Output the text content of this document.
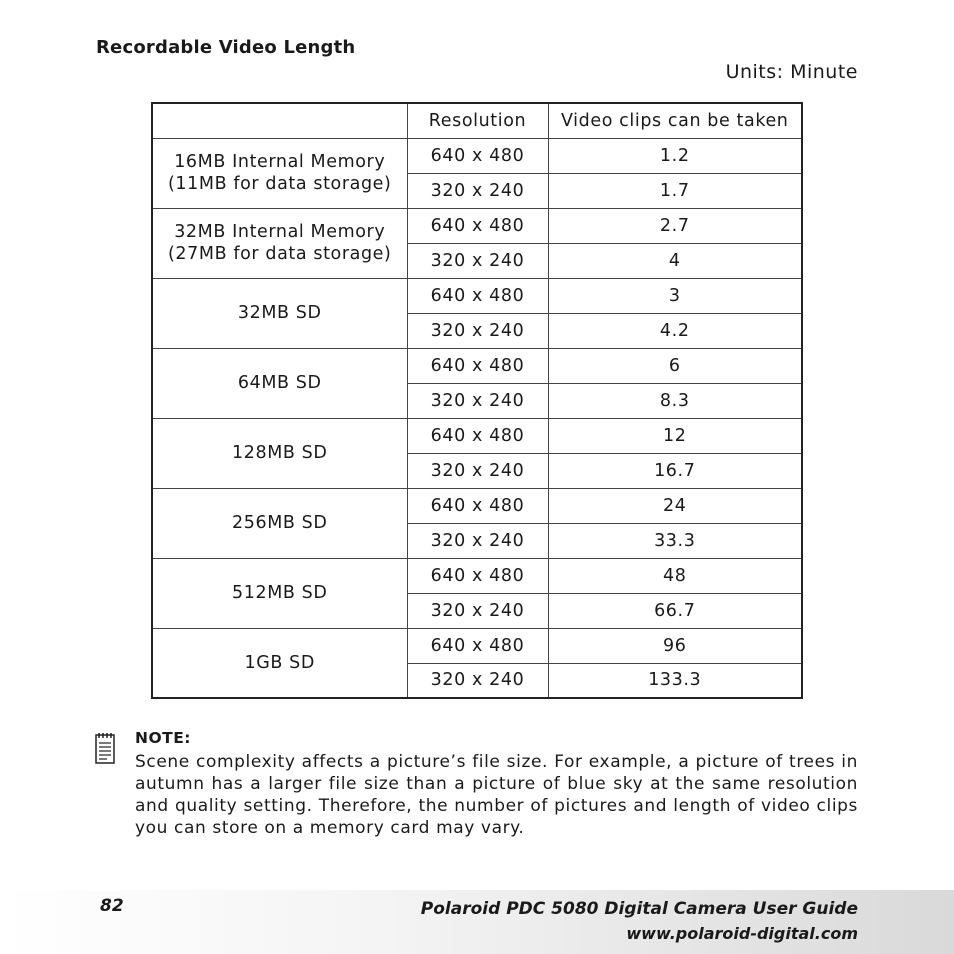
Recordable Video Length
Units: Minute
	Resolution	Video clips can be taken

16MB Internal Memory
(11MB for data storage)	640 x 480	1.2
	320 x 240	1.7

32MB Internal Memory
(27MB for data storage)	640 x 480	2.7
	320 x 240	4
32MB SD	640 x 480	3
	320 x 240	4.2
64MB SD	640 x 480	6
	320 x 240	8.3
128MB SD	640 x 480	12
	320 x 240	16.7
256MB SD	640 x 480	24
	320 x 240	33.3
512MB SD	640 x 480	48
	320 x 240	66.7
1GB SD	640 x 480	96
	320 x 240	133.3
NOTE:
Scene complexity affects a picture’s file size. For example, a picture of trees in autumn has a larger file size than a picture of blue sky at the same resolution and quality setting. Therefore, the number of pictures and length of video clips you can store on a memory card may vary.
82	Polaroid PDC 5080 Digital Camera User Guide
www.polaroid-digital.com
